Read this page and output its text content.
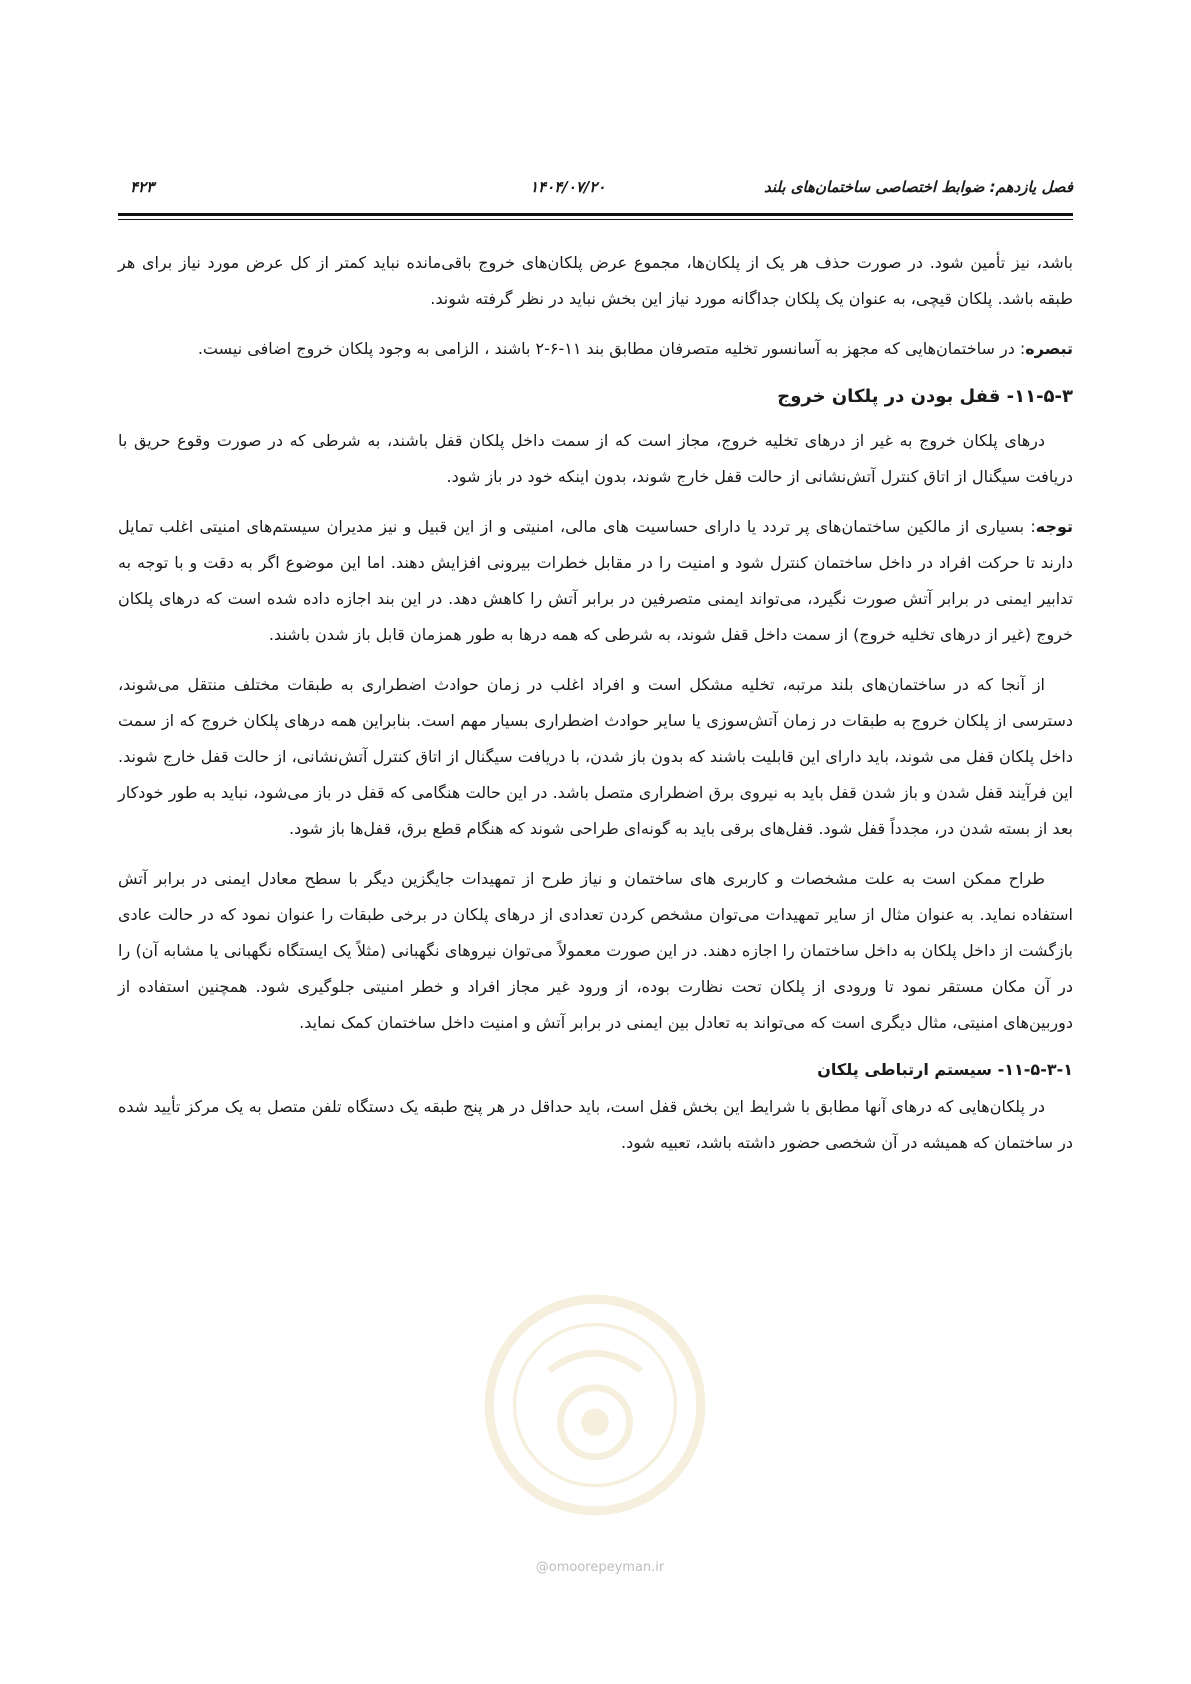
فصل یازدهم: ضوابط اختصاصی ساختمان‌های بلند
۱۴۰۴/۰۷/۲۰
۴۲۳

باشد، نیز تأمین شود. در صورت حذف هر یک از پلکان‌ها، مجموع عرض پلکان‌های خروج باقی‌مانده نباید کمتر از کل عرض مورد نیاز برای هر طبقه باشد. پلکان قیچی، به عنوان یک پلکان جداگانه مورد نیاز این بخش نباید در نظر گرفته شوند.

تبصره: در ساختمان‌هایی که مجهز به آسانسور تخلیه متصرفان مطابق بند ۱۱-۶-۲ باشند ، الزامی به وجود پلکان خروج اضافی نیست.

۱۱-۵-۳- قفل بودن در پلکان خروج

درهای پلکان خروج به غیر از درهای تخلیه خروج، مجاز است که از سمت داخل پلکان قفل باشند، به شرطی که در صورت وقوع حریق با دریافت سیگنال از اتاق کنترل آتش‌نشانی از حالت قفل خارج شوند، بدون اینکه خود در باز شود.

توجه: بسیاری از مالکین ساختمان‌های پر تردد یا دارای حساسیت های مالی، امنیتی و از این قبیل و نیز مدیران سیستم‌های امنیتی اغلب تمایل دارند تا حرکت افراد در داخل ساختمان کنترل شود و امنیت را در مقابل خطرات بیرونی افزایش دهند. اما این موضوع اگر به دقت و با توجه به تدابیر ایمنی در برابر آتش صورت نگیرد، می‌تواند ایمنی متصرفین در برابر آتش را کاهش دهد. در این بند اجازه داده شده است که درهای پلکان خروج (غیر از درهای تخلیه خروج) از سمت داخل قفل شوند، به شرطی که همه درها به طور همزمان قابل باز شدن باشند.

از آنجا که در ساختمان‌های بلند مرتبه، تخلیه مشکل است و افراد اغلب در زمان حوادث اضطراری به طبقات مختلف منتقل می‌شوند، دسترسی از پلکان خروج به طبقات در زمان آتش‌سوزی یا سایر حوادث اضطراری بسیار مهم است. بنابراین همه درهای پلکان خروج که از سمت داخل پلکان قفل می شوند، باید دارای این قابلیت باشند که بدون باز شدن، با دریافت سیگنال از اتاق کنترل آتش‌نشانی، از حالت قفل خارج شوند. این فرآیند قفل شدن و باز شدن قفل باید به نیروی برق اضطراری متصل باشد. در این حالت هنگامی که قفل در باز می‌شود، نباید به طور خودکار بعد از بسته شدن در، مجدداً قفل شود. قفل‌های برقی باید به گونه‌ای طراحی شوند که هنگام قطع برق، قفل‌ها باز شود.

طراح ممکن است به علت مشخصات و کاربری های ساختمان و نیاز طرح از تمهیدات جایگزین دیگر با سطح معادل ایمنی در برابر آتش استفاده نماید. به عنوان مثال از سایر تمهیدات می‌توان مشخص کردن تعدادی از درهای پلکان در برخی طبقات را عنوان نمود که در حالت عادی بازگشت از داخل پلکان به داخل ساختمان را اجازه دهند. در این صورت معمولاً می‌توان نیروهای نگهبانی (مثلاً یک ایستگاه نگهبانی یا مشابه آن) را در آن مکان مستقر نمود تا ورودی از پلکان تحت نظارت بوده، از ورود غیر مجاز افراد و خطر امنیتی جلوگیری شود. همچنین استفاده از دوربین‌های امنیتی، مثال دیگری است که می‌تواند به تعادل بین ایمنی در برابر آتش و امنیت داخل ساختمان کمک نماید.

۱۱-۵-۳-۱- سیستم ارتباطی پلکان

در پلکان‌هایی که درهای آنها مطابق با شرایط این بخش قفل است، باید حداقل در هر پنج طبقه یک دستگاه تلفن متصل به یک مرکز تأیید شده در ساختمان که همیشه در آن شخصی حضور داشته باشد، تعبیه شود.

@omoorepeyman.ir
